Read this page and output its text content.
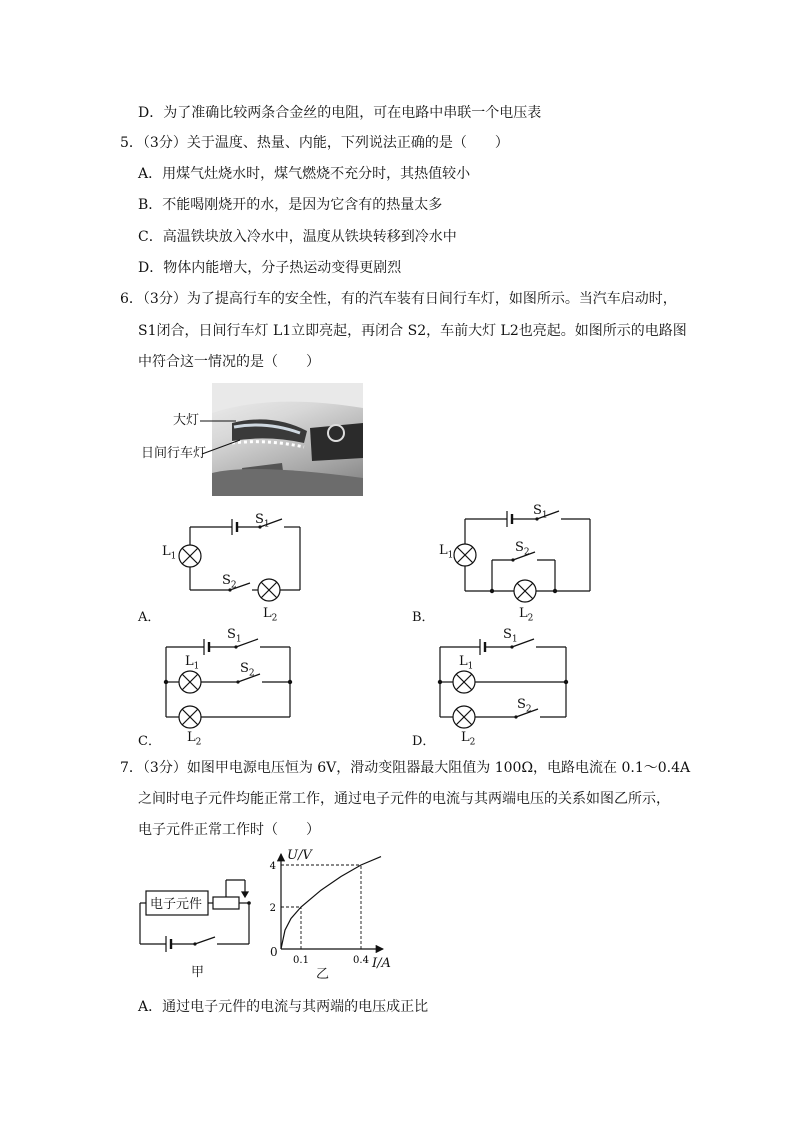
D．为了准确比较两条合金丝的电阻，可在电路中串联一个电压表
5．（3分）关于温度、热量、内能，下列说法正确的是（　　）
A．用煤气灶烧水时，煤气燃烧不充分时，其热值较小
B．不能喝刚烧开的水，是因为它含有的热量太多
C．高温铁块放入冷水中，温度从铁块转移到冷水中
D．物体内能增大，分子热运动变得更剧烈
6．（3分）为了提高行车的安全性，有的汽车装有日间行车灯，如图所示。当汽车启动时，
S1闭合，日间行车灯 L1立即亮起，再闭合 S2，车前大灯 L2也亮起。如图所示的电路图
中符合这一情况的是（　　）
大灯
日间行车灯
$L_1$
$S_1$
$S_2$
$L_2$
A．
$L_1$
$S_1$
$S_2$
$L_2$
B．
$S_1$
$L_1$	$S_2$
$L_2$
C．
$S_1$
$L_1$
$S_2$
$L_2$
D．
7．（3分）如图甲电源电压恒为 6V，滑动变阻器最大阻值为 100Ω，电路电流在 0.1～0.4A
之间时电子元件均能正常工作，通过电子元件的电流与其两端电压的关系如图乙所示，
电子元件正常工作时（　　）
电子元件
甲
0.1	0.4
2
4
U/V
I/A
0
乙
A．通过电子元件的电流与其两端的电压成正比
